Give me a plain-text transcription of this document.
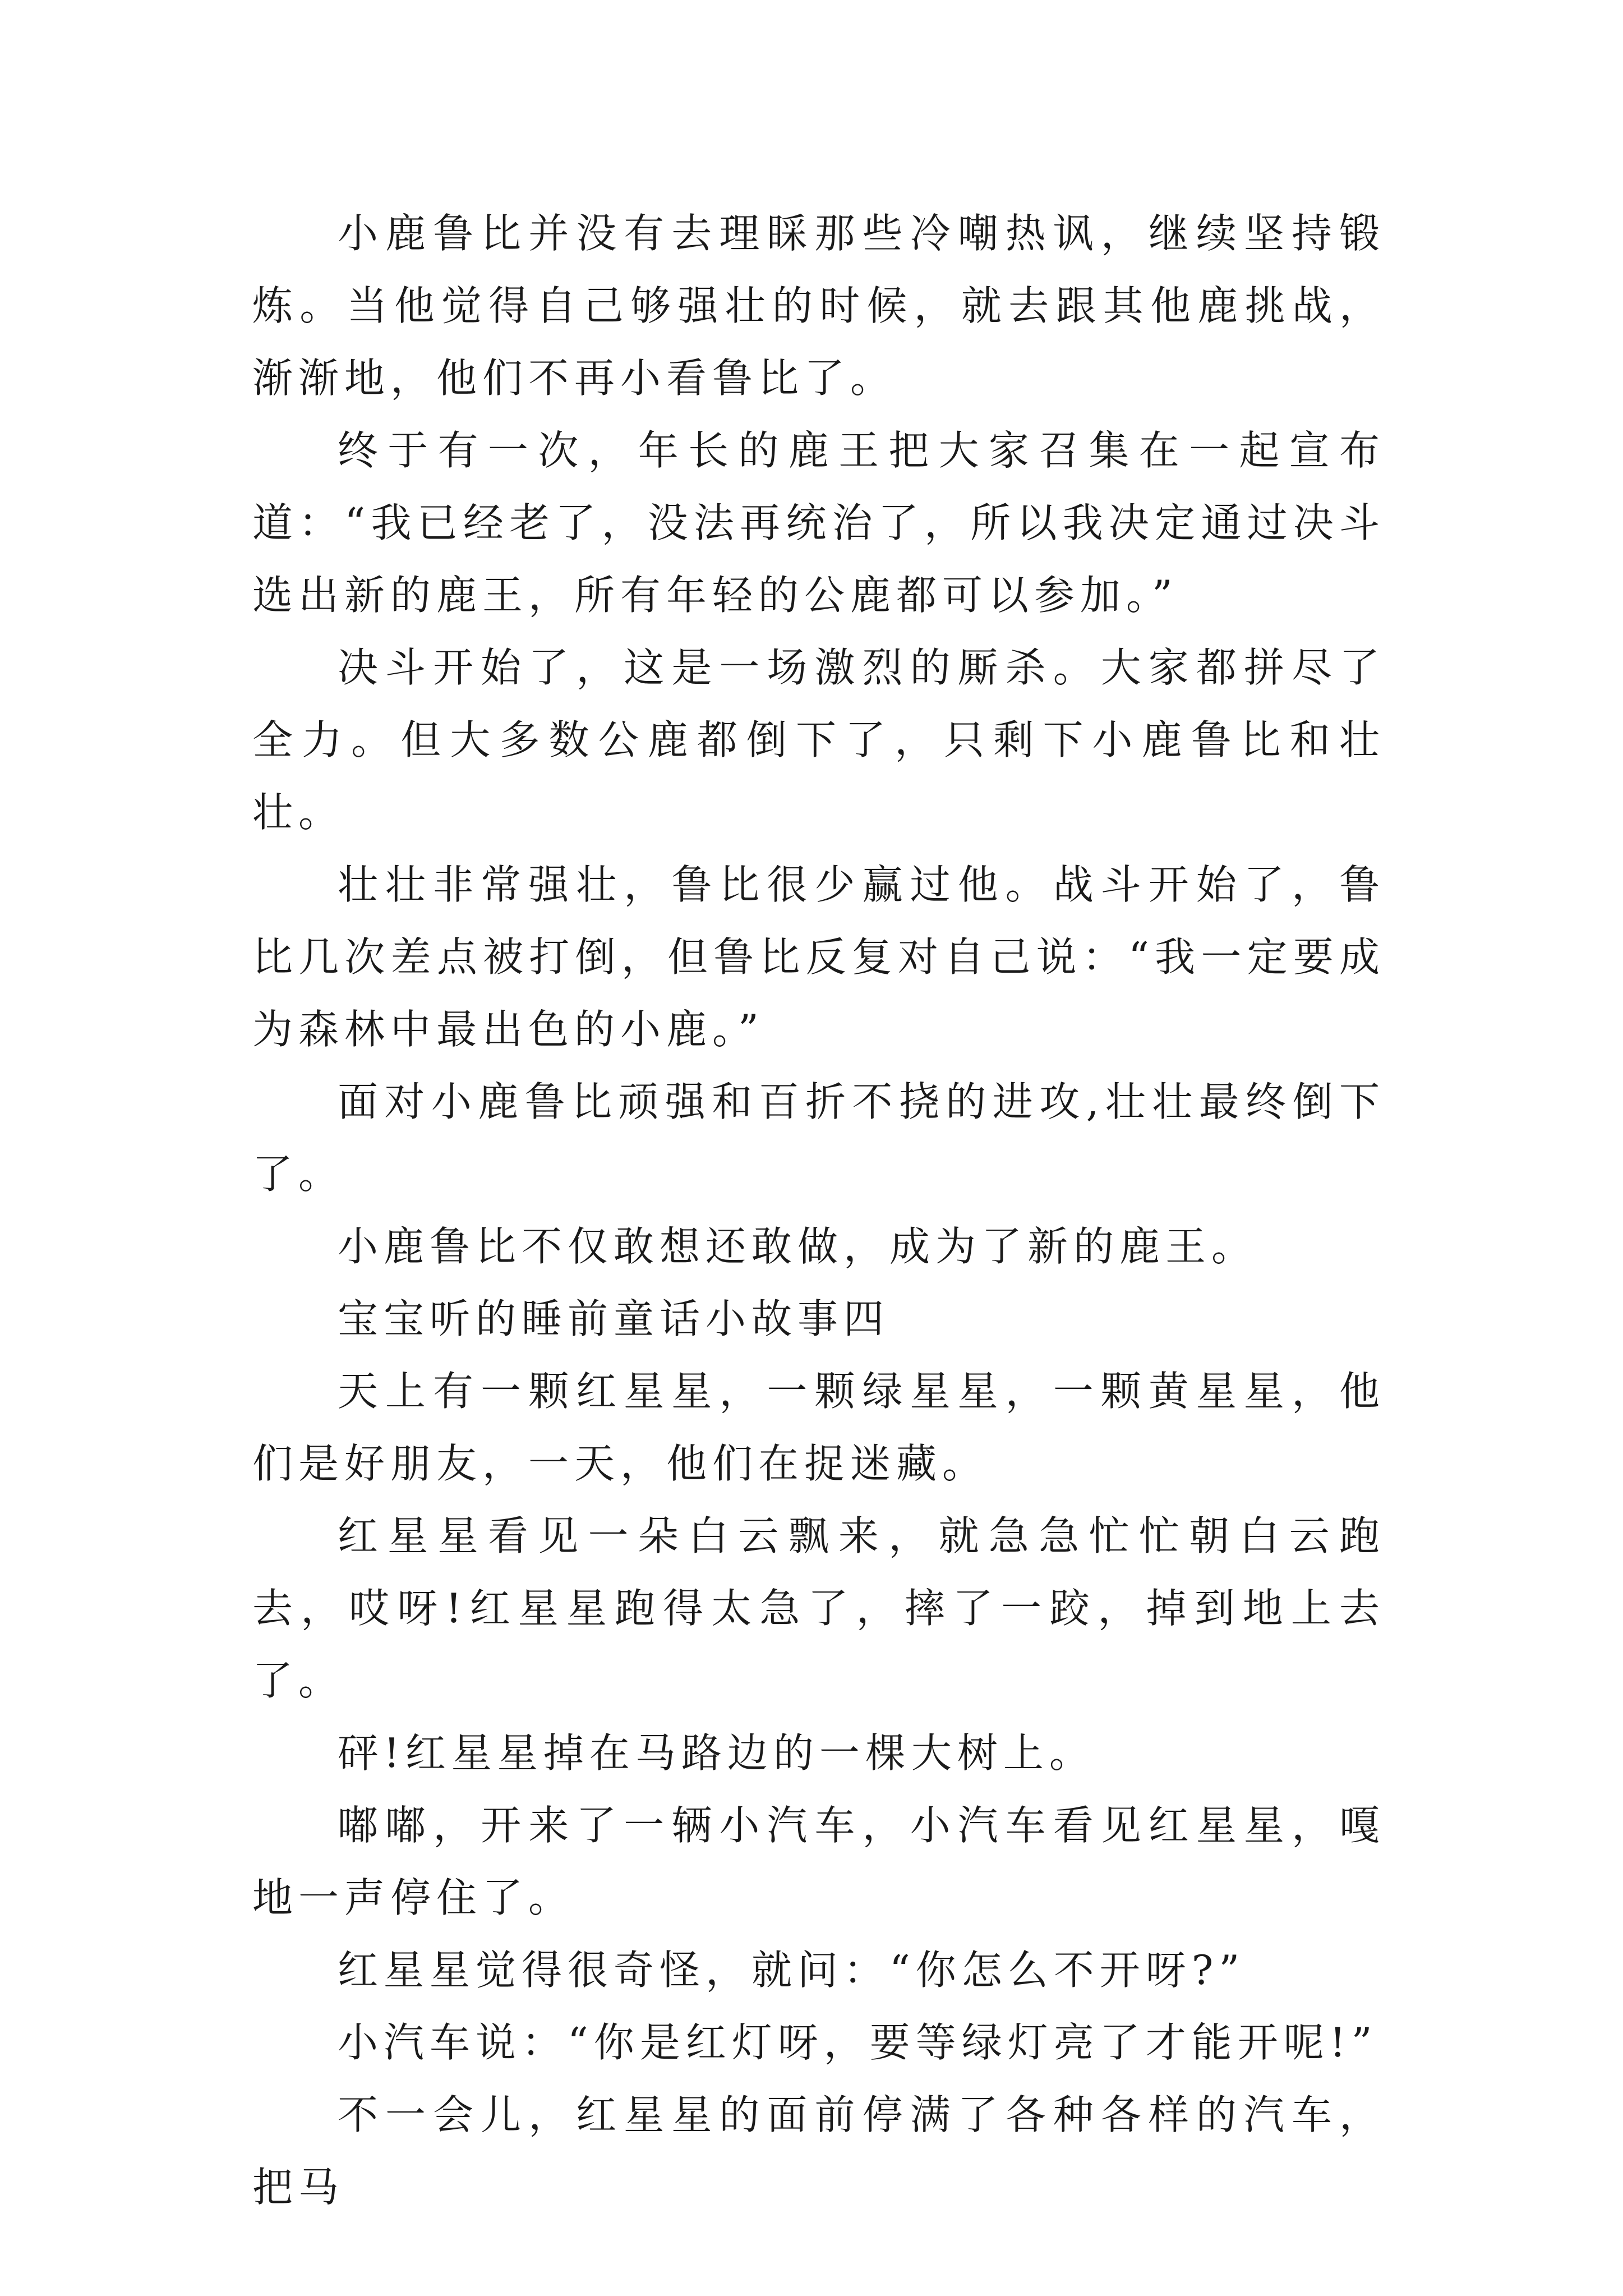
小鹿鲁比并没有去理睬那些冷嘲热讽，继续坚持锻炼。当他觉得自己够强壮的时候，就去跟其他鹿挑战，渐渐地，他们不再小看鲁比了。

终于有一次，年长的鹿王把大家召集在一起宣布道：“我已经老了，没法再统治了，所以我决定通过决斗选出新的鹿王，所有年轻的公鹿都可以参加。”

决斗开始了，这是一场激烈的厮杀。大家都拼尽了全力。但大多数公鹿都倒下了，只剩下小鹿鲁比和壮壮。

壮壮非常强壮，鲁比很少赢过他。战斗开始了，鲁比几次差点被打倒，但鲁比反复对自己说：“我一定要成为森林中最出色的小鹿。”

面对小鹿鲁比顽强和百折不挠的进攻,壮壮最终倒下了。

小鹿鲁比不仅敢想还敢做，成为了新的鹿王。

宝宝听的睡前童话小故事四

天上有一颗红星星，一颗绿星星，一颗黄星星，他们是好朋友，一天，他们在捉迷藏。

红星星看见一朵白云飘来，就急急忙忙朝白云跑去，哎呀!红星星跑得太急了，摔了一跤，掉到地上去了。

砰!红星星掉在马路边的一棵大树上。

嘟嘟，开来了一辆小汽车，小汽车看见红星星，嘎地一声停住了。

红星星觉得很奇怪，就问：“你怎么不开呀?”

小汽车说：“你是红灯呀，要等绿灯亮了才能开呢!”

不一会儿，红星星的面前停满了各种各样的汽车，把马
